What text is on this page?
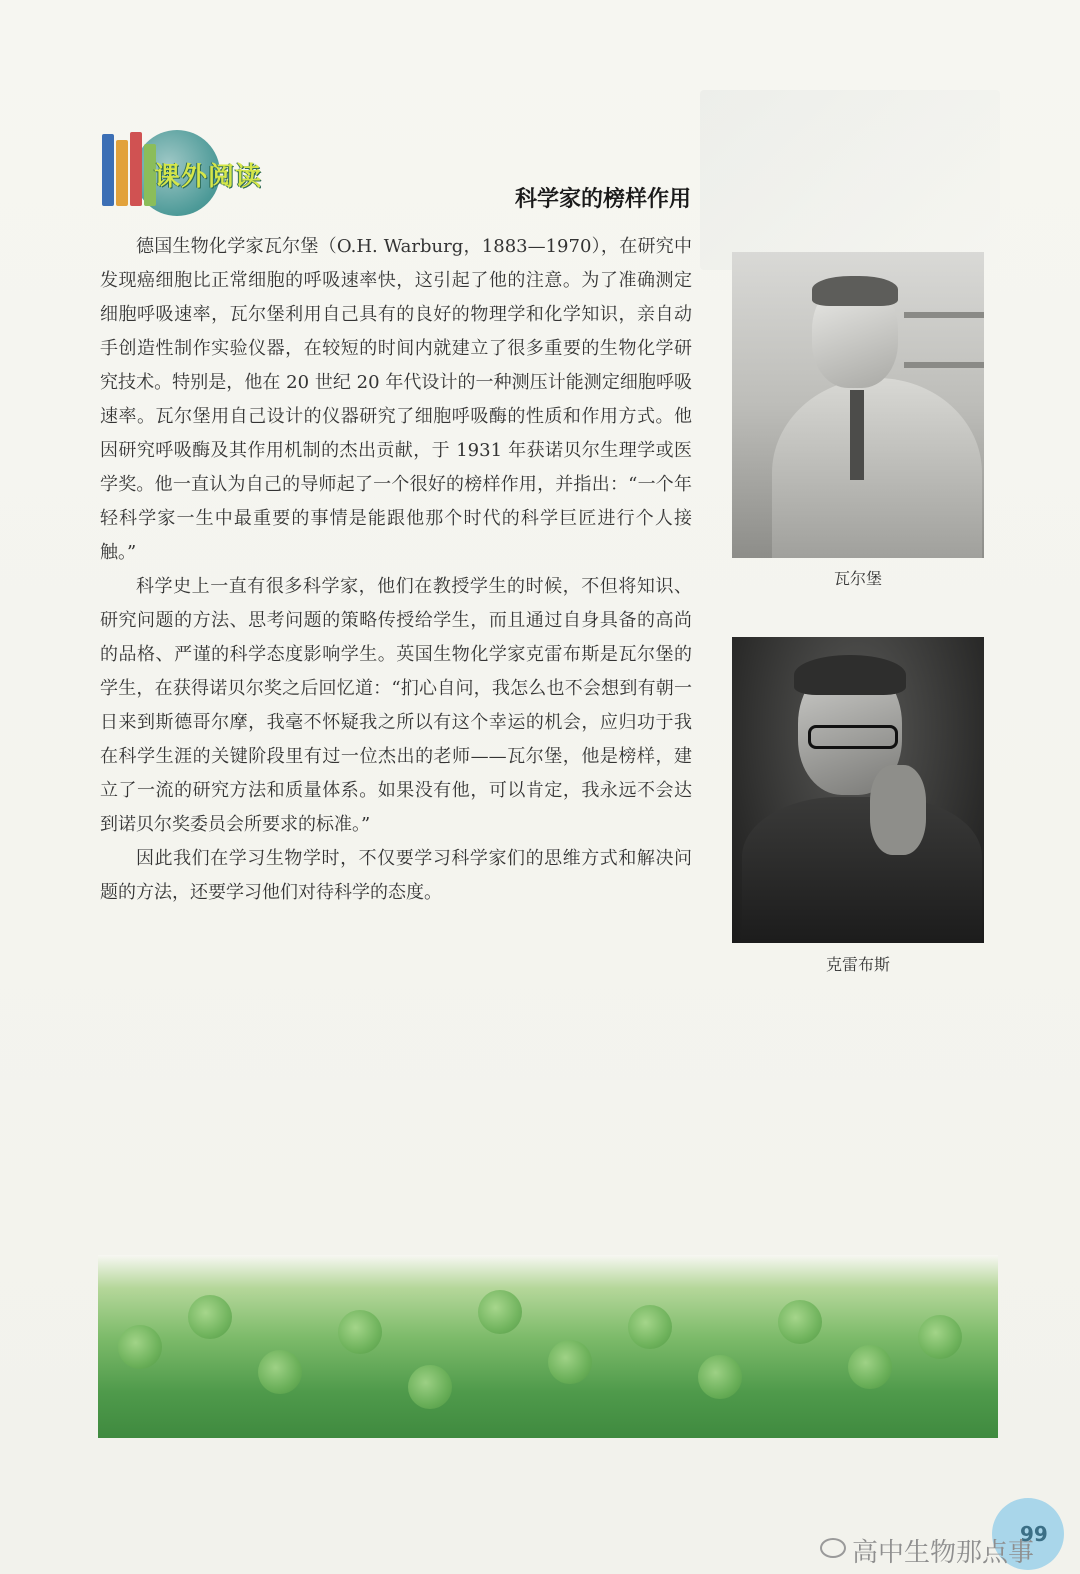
课外阅读
科学家的榜样作用

德国生物化学家瓦尔堡（O.H. Warburg，1883—1970），在研究中发现癌细胞比正常细胞的呼吸速率快，这引起了他的注意。为了准确测定细胞呼吸速率，瓦尔堡利用自己具有的良好的物理学和化学知识，亲自动手创造性制作实验仪器，在较短的时间内就建立了很多重要的生物化学研究技术。特别是，他在 20 世纪 20 年代设计的一种测压计能测定细胞呼吸速率。瓦尔堡用自己设计的仪器研究了细胞呼吸酶的性质和作用方式。他因研究呼吸酶及其作用机制的杰出贡献，于 1931 年获诺贝尔生理学或医学奖。他一直认为自己的导师起了一个很好的榜样作用，并指出：“一个年轻科学家一生中最重要的事情是能跟他那个时代的科学巨匠进行个人接触。”

科学史上一直有很多科学家，他们在教授学生的时候，不但将知识、研究问题的方法、思考问题的策略传授给学生，而且通过自身具备的高尚的品格、严谨的科学态度影响学生。英国生物化学家克雷布斯是瓦尔堡的学生，在获得诺贝尔奖之后回忆道：“扪心自问，我怎么也不会想到有朝一日来到斯德哥尔摩，我毫不怀疑我之所以有这个幸运的机会，应归功于我在科学生涯的关键阶段里有过一位杰出的老师——瓦尔堡，他是榜样，建立了一流的研究方法和质量体系。如果没有他，可以肯定，我永远不会达到诺贝尔奖委员会所要求的标准。”

因此我们在学习生物学时，不仅要学习科学家们的思维方式和解决问题的方法，还要学习他们对待科学的态度。

瓦尔堡
克雷布斯
99
高中生物那点事
